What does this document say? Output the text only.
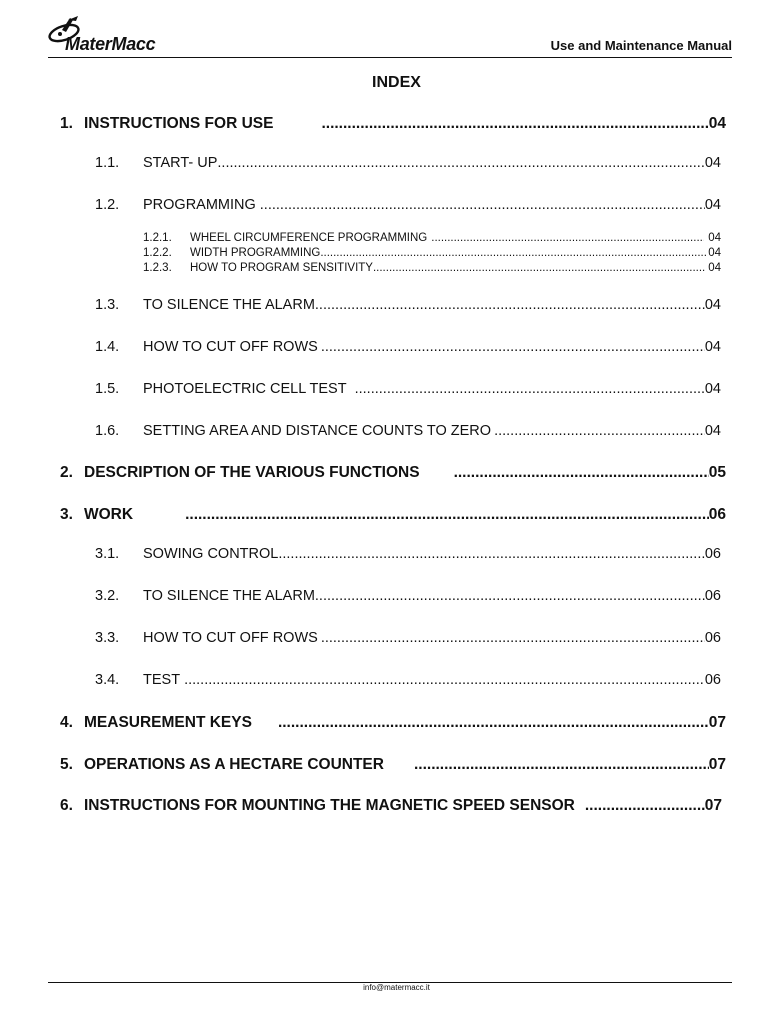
MaterMacc	Use and Maintenance Manual
INDEX
1. INSTRUCTIONS FOR USE .....	04
1.1.	START- UP .....	04
1.2.	PROGRAMMING .....	04
1.2.1.	WHEEL CIRCUMFERENCE PROGRAMMING .....	04
1.2.2.	WIDTH PROGRAMMING .....	04
1.2.3.	HOW TO PROGRAM SENSITIVITY .....	04
1.3.	TO SILENCE THE ALARM .....	04
1.4.	HOW TO CUT OFF ROWS .....	04
1.5.	PHOTOELECTRIC CELL TEST .....	04
1.6.	SETTING AREA AND DISTANCE COUNTS TO ZERO .....	04
2. DESCRIPTION OF THE VARIOUS FUNCTIONS .....	05
3. WORK .....	06
3.1.	SOWING CONTROL .....	06
3.2.	TO SILENCE THE ALARM .....	06
3.3.	HOW TO CUT OFF ROWS .....	06
3.4.	TEST .....	06
4. MEASUREMENT KEYS .....	07
5. OPERATIONS AS A HECTARE COUNTER .....	07
6. INSTRUCTIONS FOR MOUNTING THE MAGNETIC SPEED SENSOR .....	07
info@matermacc.it
